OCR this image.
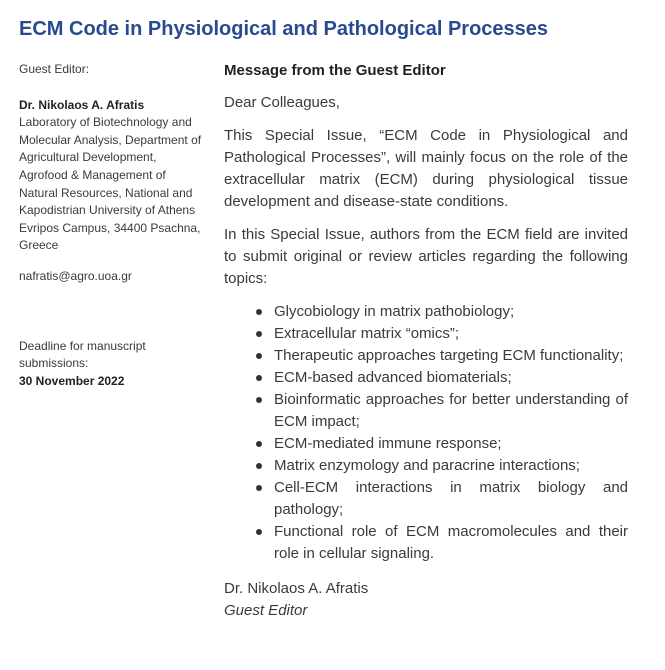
ECM Code in Physiological and Pathological Processes
Guest Editor:
Dr. Nikolaos A. Afratis
Laboratory of Biotechnology and Molecular Analysis, Department of Agricultural Development, Agrofood & Management of Natural Resources, National and Kapodistrian University of Athens Evripos Campus, 34400 Psachna, Greece
nafratis@agro.uoa.gr
Deadline for manuscript submissions:
30 November 2022
Message from the Guest Editor

Dear Colleagues,

This Special Issue, “ECM Code in Physiological and Pathological Processes”, will mainly focus on the role of the extracellular matrix (ECM) during physiological tissue development and disease-state conditions.

In this Special Issue, authors from the ECM field are invited to submit original or review articles regarding the following topics:

Glycobiology in matrix pathobiology;
Extracellular matrix “omics”;
Therapeutic approaches targeting ECM functionality;
ECM-based advanced biomaterials;
Bioinformatic approaches for better understanding of ECM impact;
ECM-mediated immune response;
Matrix enzymology and paracrine interactions;
Cell-ECM interactions in matrix biology and pathology;
Functional role of ECM macromolecules and their role in cellular signaling.

Dr. Nikolaos A. Afratis

Guest Editor
